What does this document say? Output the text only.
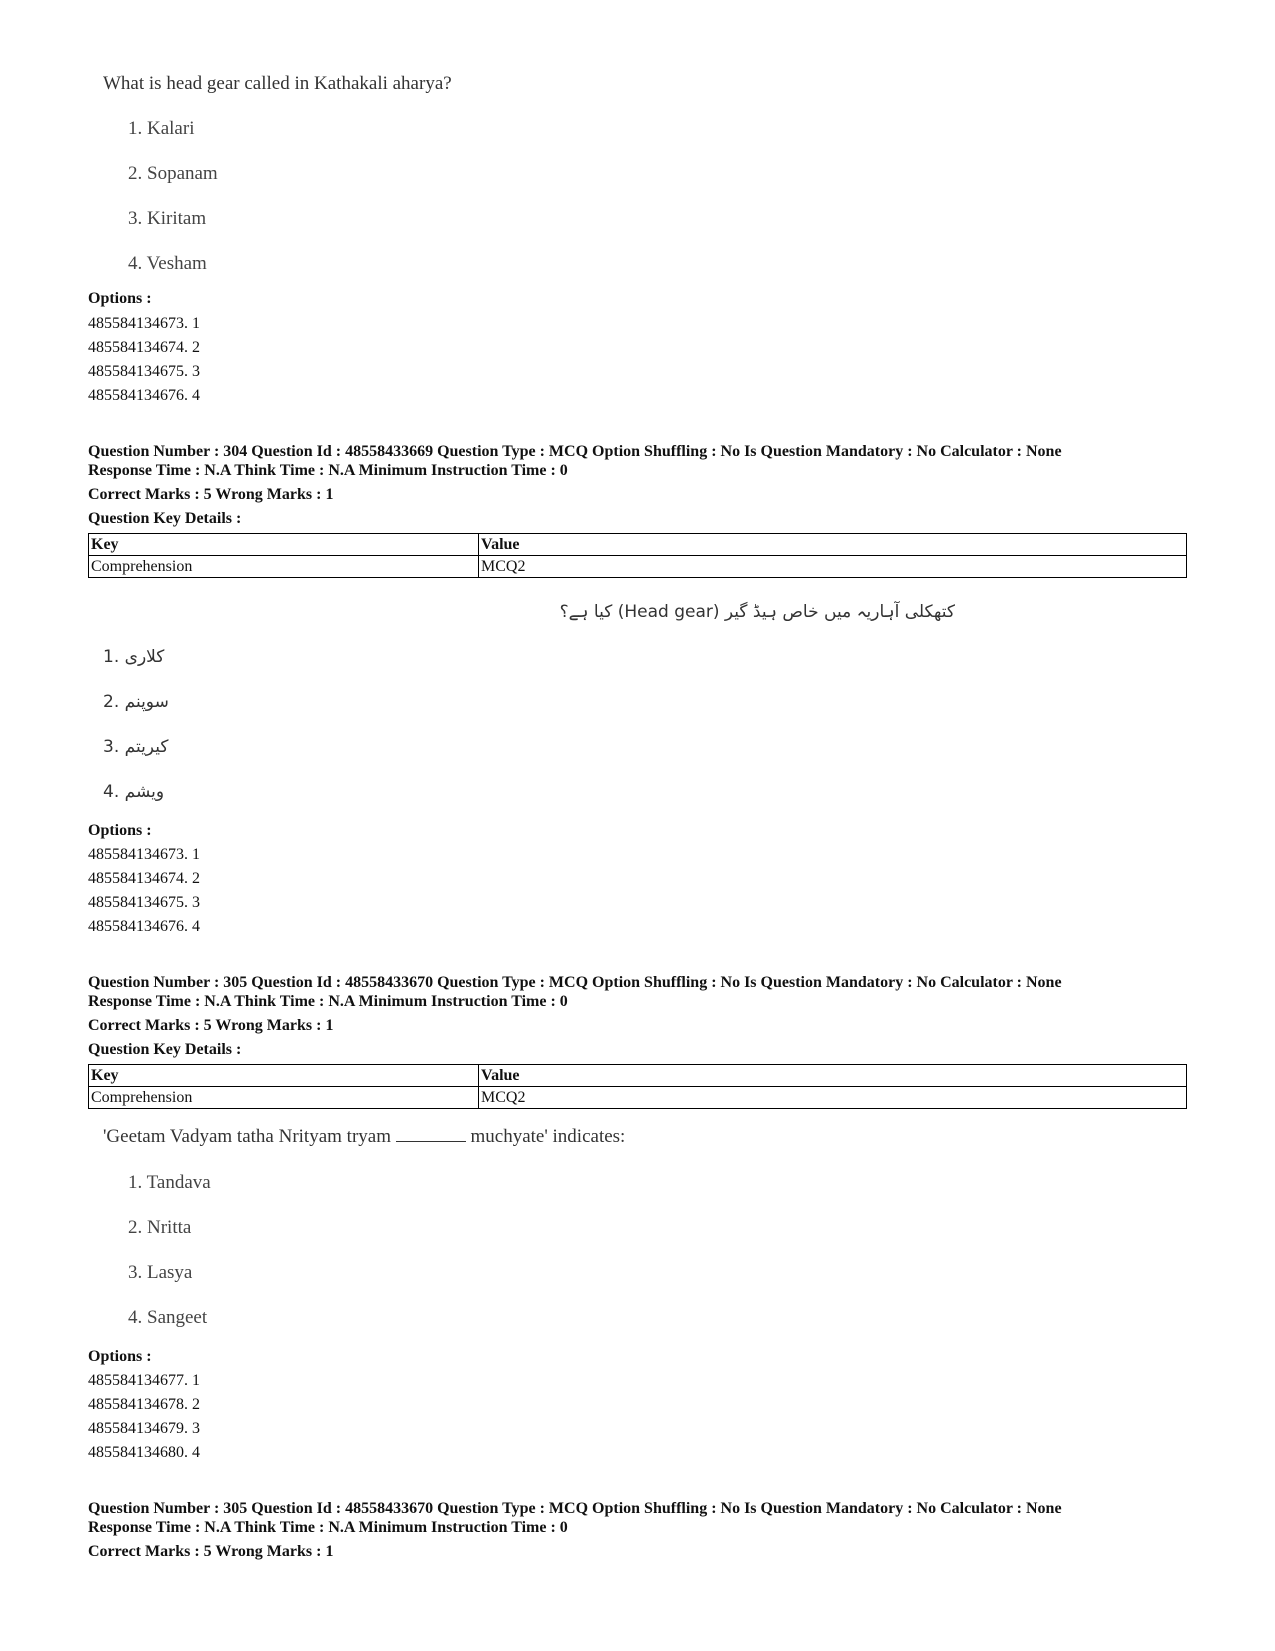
What is head gear called in Kathakali aharya?
1. Kalari
2. Sopanam
3. Kiritam
4. Vesham
Options :
485584134673. 1
485584134674. 2
485584134675. 3
485584134676. 4
Question Number : 304 Question Id : 48558433669 Question Type : MCQ Option Shuffling : No Is Question Mandatory : No Calculator : None
Response Time : N.A Think Time : N.A Minimum Instruction Time : 0
Correct Marks : 5 Wrong Marks : 1
Question Key Details :
Key	Value
Comprehension	MCQ2
کتھکلی آہاریہ میں خاص ہیڈ گیر (Head gear) کیا ہے؟
کلاری .1
سوپنم .2
کیریتم .3
ویشم .4
Options :
485584134673. 1
485584134674. 2
485584134675. 3
485584134676. 4
Question Number : 305 Question Id : 48558433670 Question Type : MCQ Option Shuffling : No Is Question Mandatory : No Calculator : None
Response Time : N.A Think Time : N.A Minimum Instruction Time : 0
Correct Marks : 5 Wrong Marks : 1
Question Key Details :
Key	Value
Comprehension	MCQ2
'Geetam Vadyam tatha Nrityam tryam	muchyate' indicates:
1. Tandava
2. Nritta
3. Lasya
4. Sangeet
Options :
485584134677. 1
485584134678. 2
485584134679. 3
485584134680. 4
Question Number : 305 Question Id : 48558433670 Question Type : MCQ Option Shuffling : No Is Question Mandatory : No Calculator : None
Response Time : N.A Think Time : N.A Minimum Instruction Time : 0
Correct Marks : 5 Wrong Marks : 1
